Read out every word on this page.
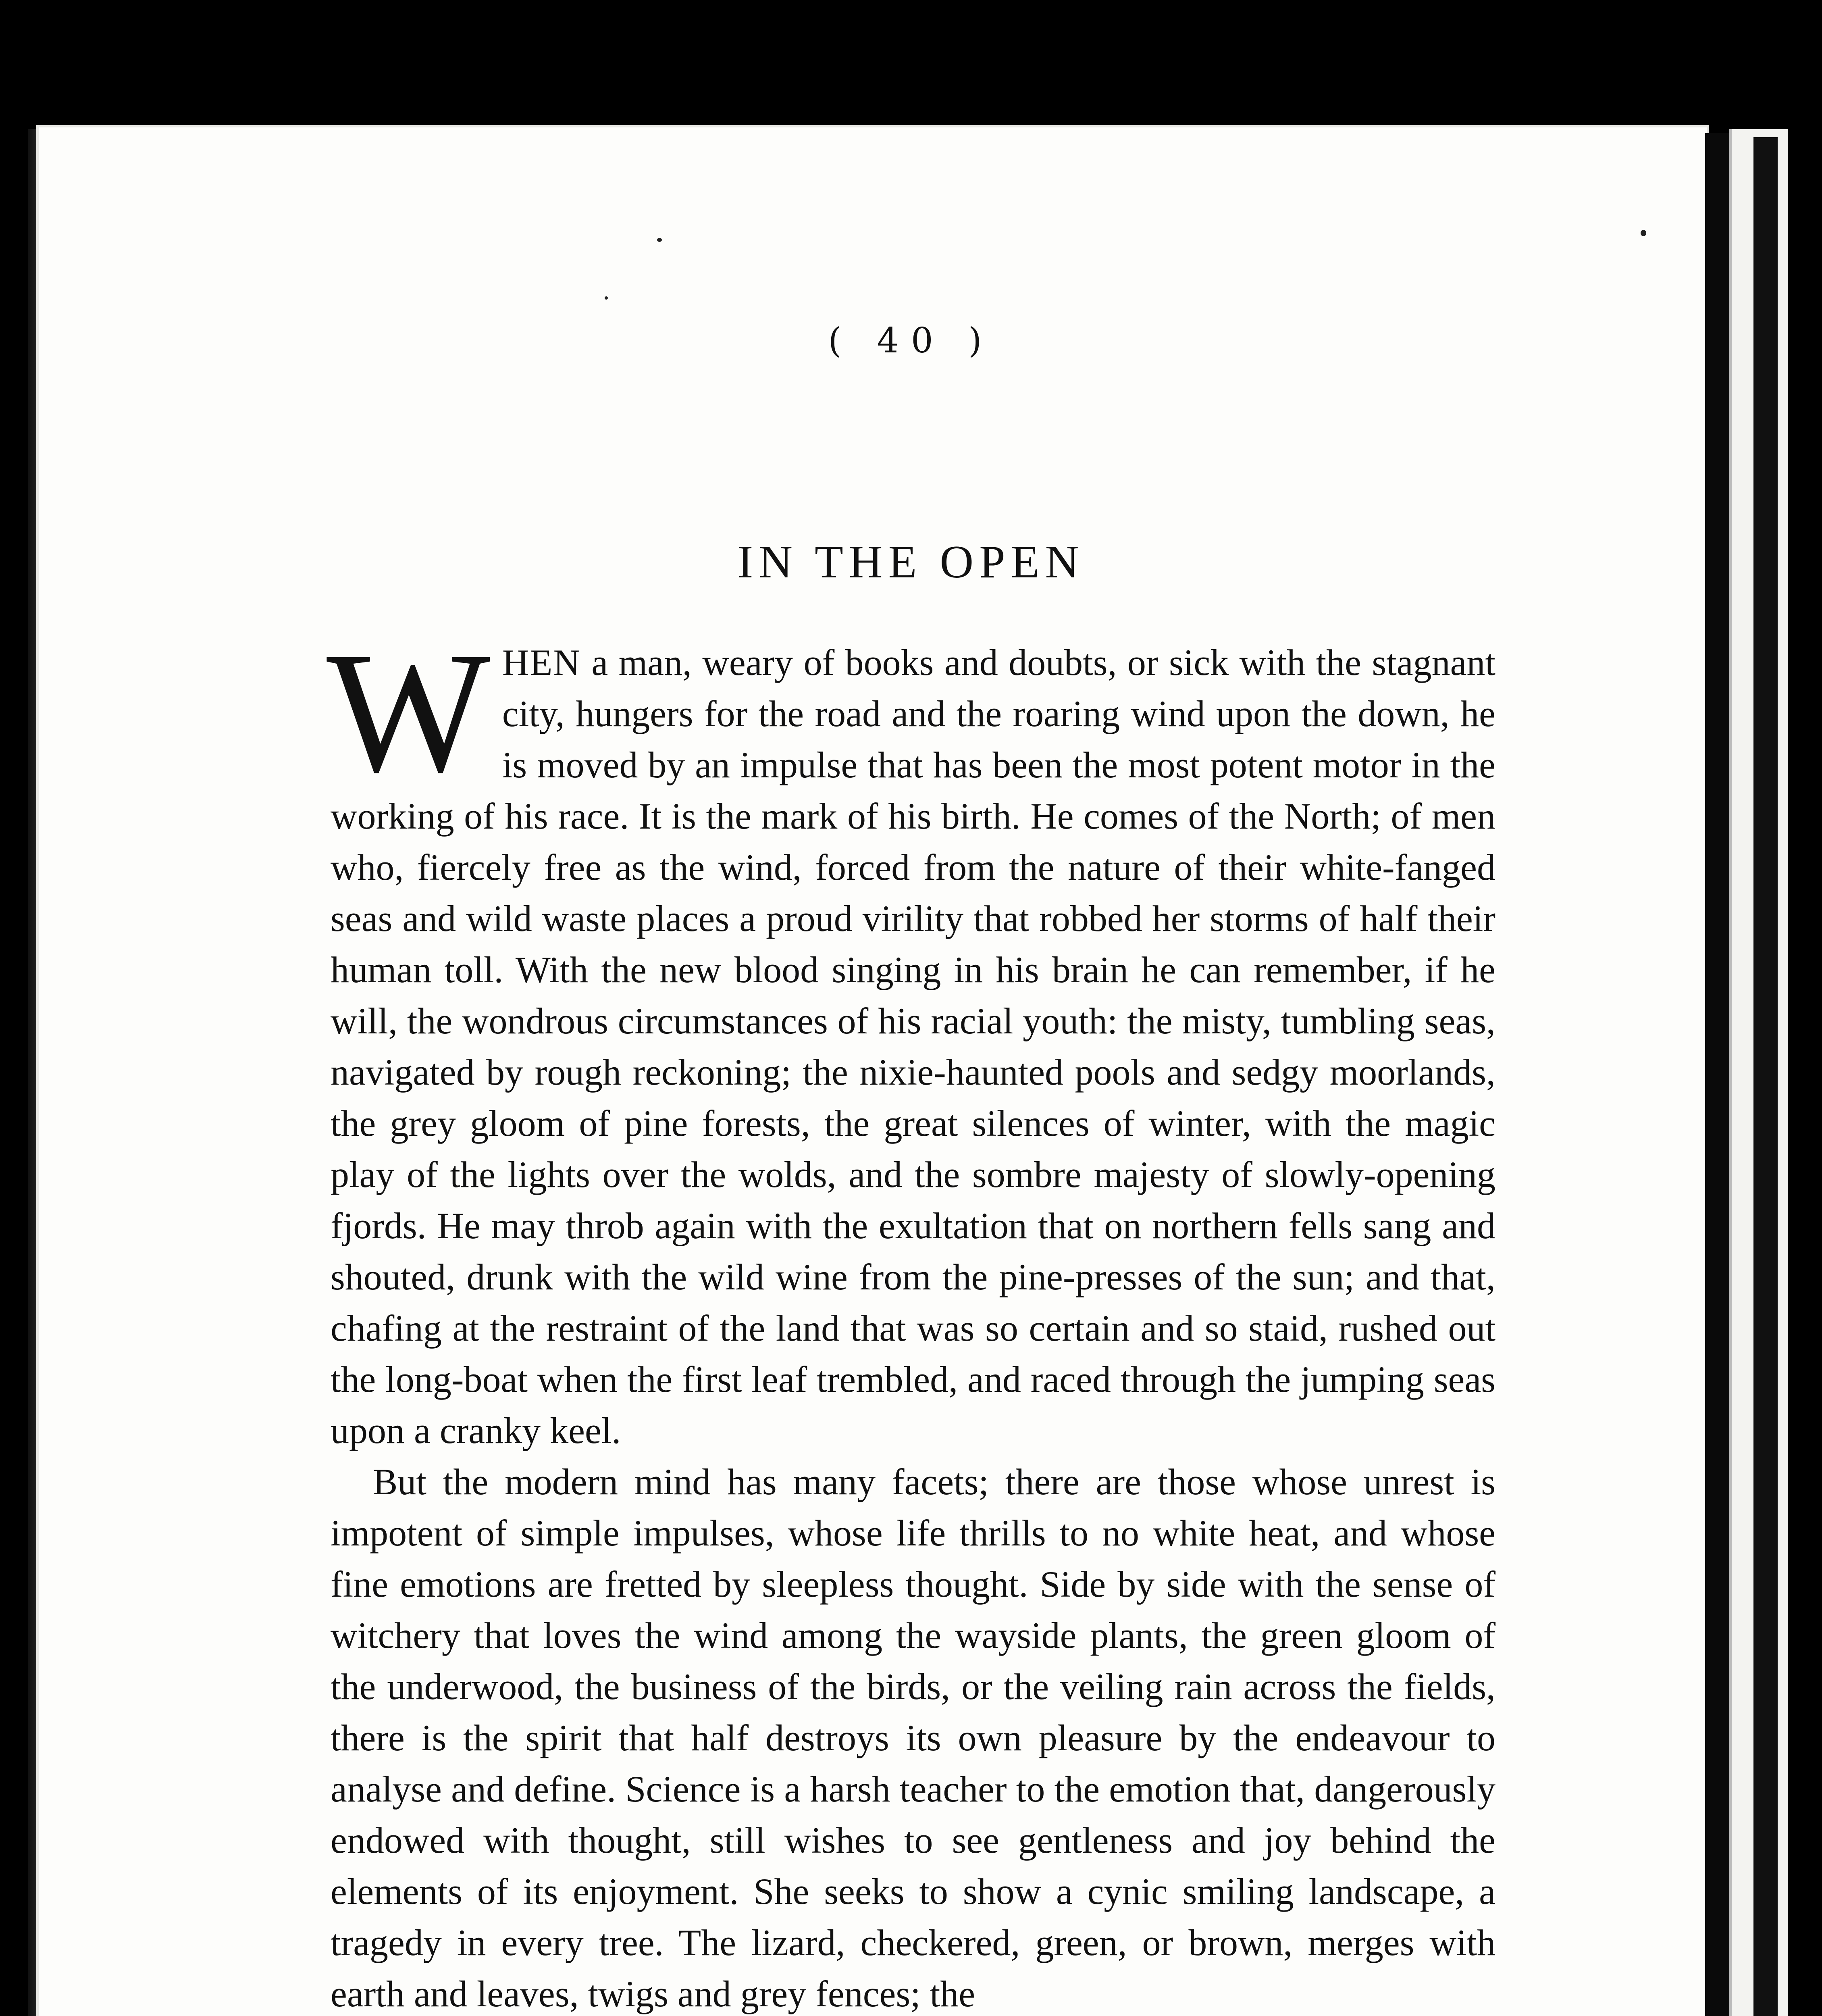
( 40 )
IN THE OPEN

WHEN a man, weary of books and doubts, or sick with the stagnant city, hungers for the road and the roaring wind upon the down, he is moved by an impulse that has been the most potent motor in the working of his race. It is the mark of his birth. He comes of the North; of men who, fiercely free as the wind, forced from the nature of their white-fanged seas and wild waste places a proud virility that robbed her storms of half their human toll. With the new blood singing in his brain he can remember, if he will, the wondrous circumstances of his racial youth: the misty, tumbling seas, navigated by rough reckoning; the nixie-haunted pools and sedgy moorlands, the grey gloom of pine forests, the great silences of winter, with the magic play of the lights over the wolds, and the sombre majesty of slowly-opening fjords. He may throb again with the exultation that on northern fells sang and shouted, drunk with the wild wine from the pine-presses of the sun; and that, chafing at the restraint of the land that was so certain and so staid, rushed out the long-boat when the first leaf trembled, and raced through the jumping seas upon a cranky keel.

But the modern mind has many facets; there are those whose unrest is impotent of simple impulses, whose life thrills to no white heat, and whose fine emotions are fretted by sleepless thought. Side by side with the sense of witchery that loves the wind among the wayside plants, the green gloom of the underwood, the business of the birds, or the veiling rain across the fields, there is the spirit that half destroys its own pleasure by the endeavour to analyse and define. Science is a harsh teacher to the emotion that, dangerously endowed with thought, still wishes to see gentleness and joy behind the elements of its enjoyment. She seeks to show a cynic smiling landscape, a tragedy in every tree. The lizard, checkered, green, or brown, merges with earth and leaves, twigs and grey fences; the
